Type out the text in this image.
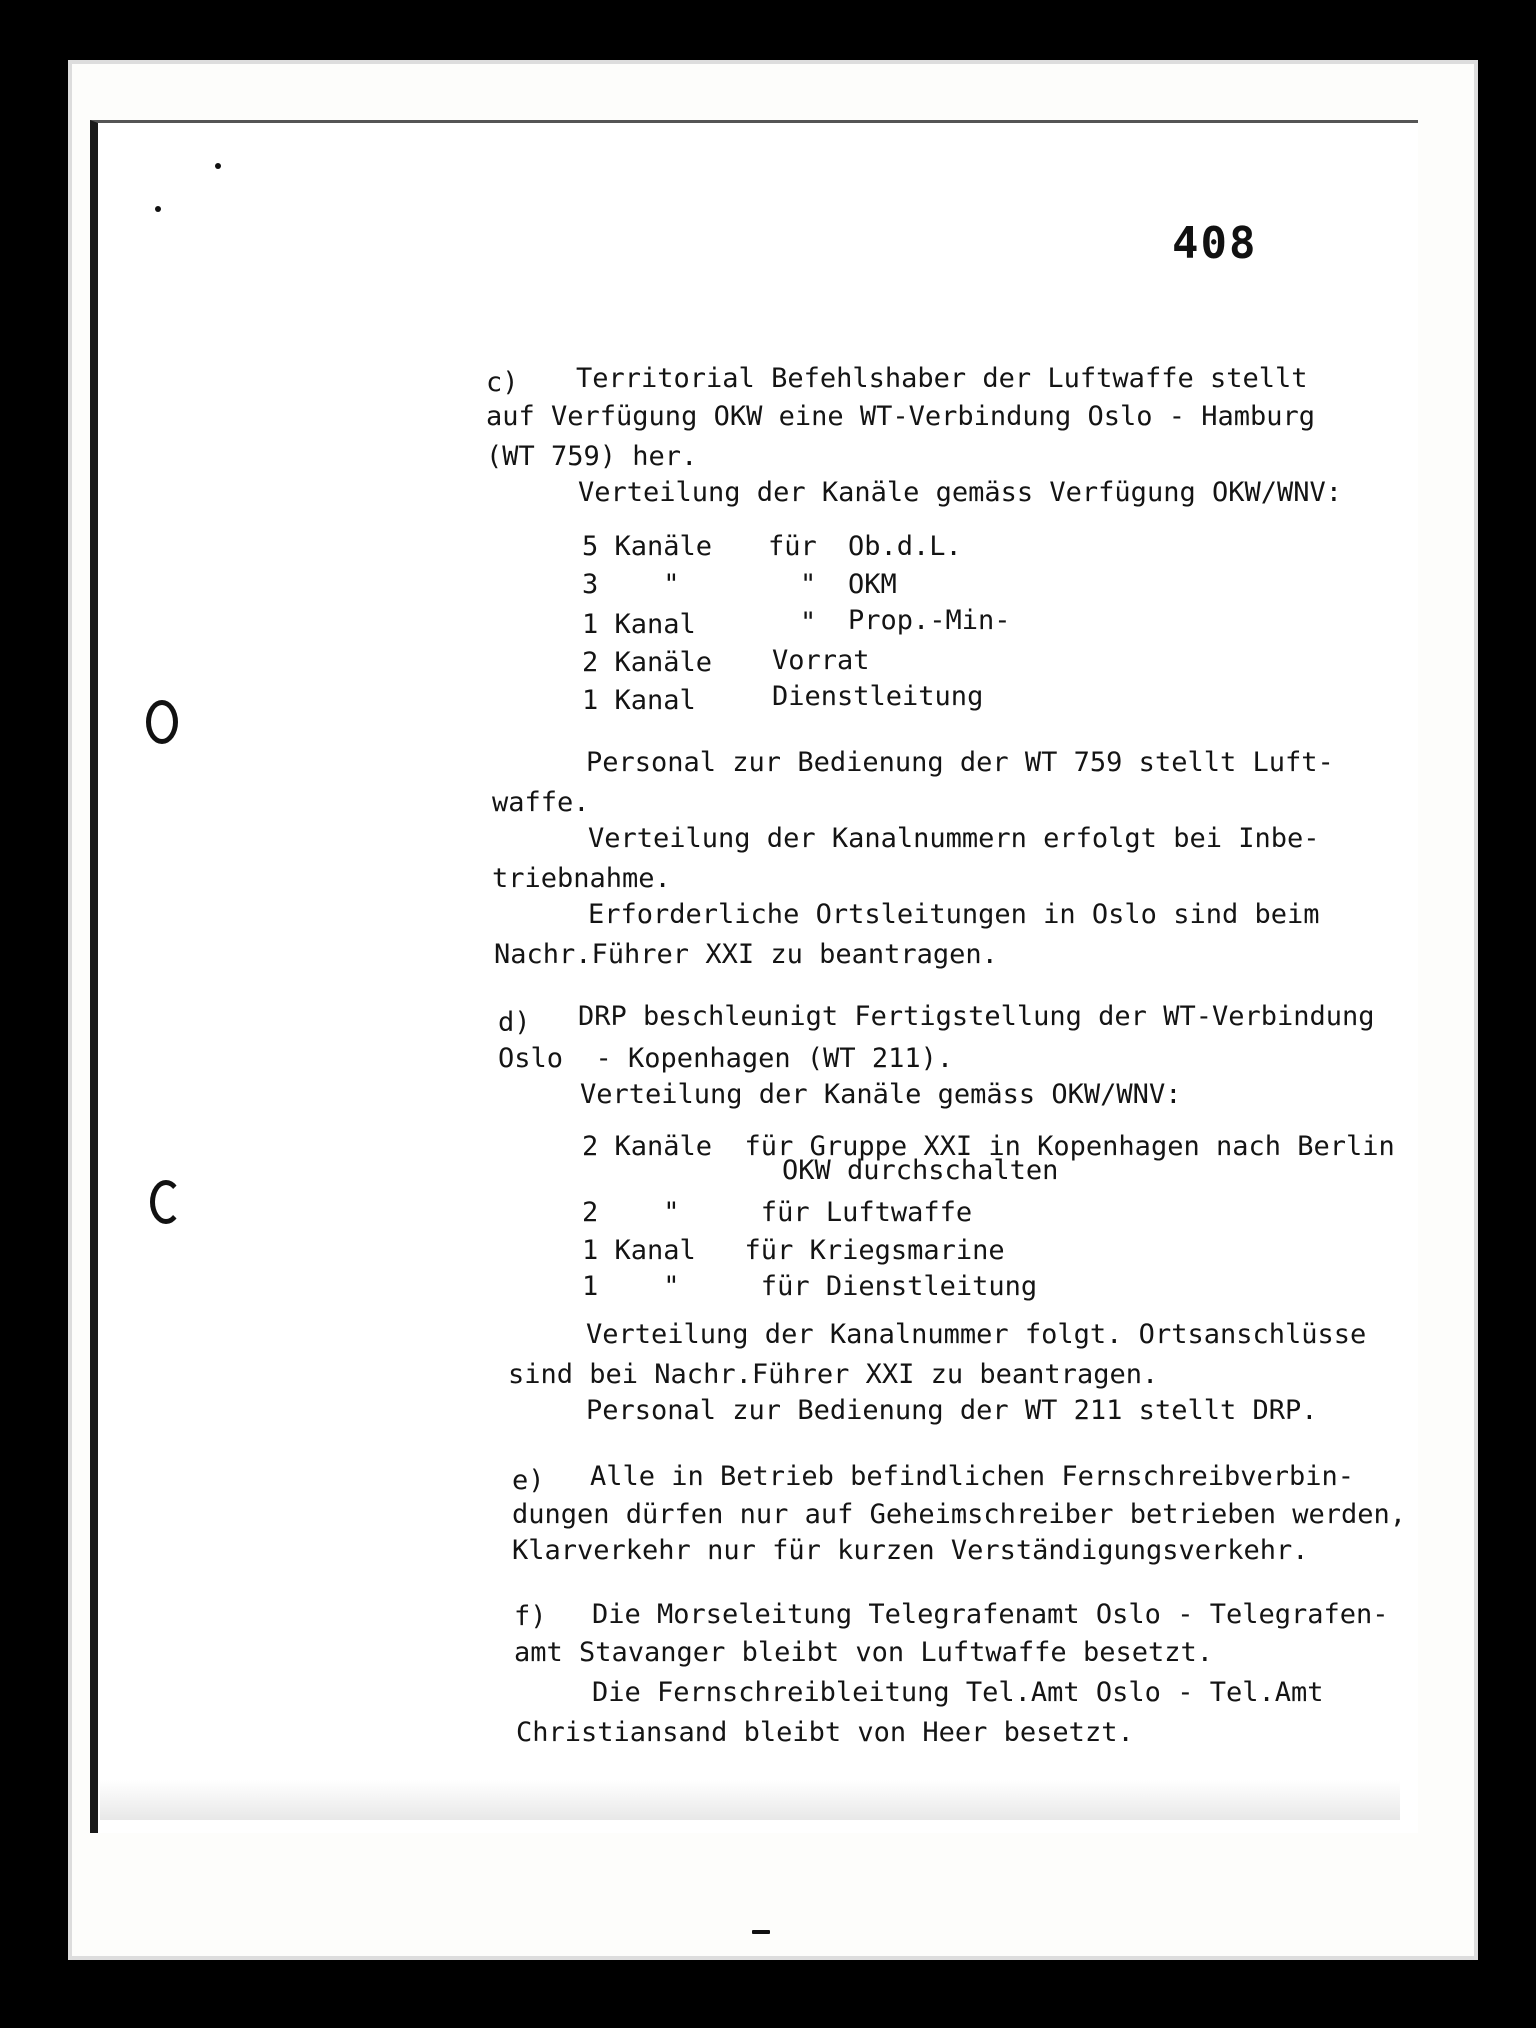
408
c) Territorial Befehlshaber der Luftwaffe stellt
auf Verfügung OKW eine WT-Verbindung Oslo - Hamburg
(WT 759) her.
Verteilung der Kanäle gemäss Verfügung OKW/WNV:
5 Kanäle für Ob.d.L.
3    "	" OKM
1 Kanal	" Prop.-Min-
2 Kanäle Vorrat
1 Kanal	Dienstleitung
Personal zur Bedienung der WT 759 stellt Luft-
waffe.
Verteilung der Kanalnummern erfolgt bei Inbe-
triebnahme.
Erforderliche Ortsleitungen in Oslo sind beim
Nachr.Führer XXI zu beantragen.
d) DRP beschleunigt Fertigstellung der WT-Verbindung
Oslo  - Kopenhagen (WT 211).
Verteilung der Kanäle gemäss OKW/WNV:
2 Kanäle  für Gruppe XXI in Kopenhagen nach Berlin
OKW durchschalten
2    "     für Luftwaffe
1 Kanal   für Kriegsmarine
1    "     für Dienstleitung
Verteilung der Kanalnummer folgt. Ortsanschlüsse
sind bei Nachr.Führer XXI zu beantragen.
Personal zur Bedienung der WT 211 stellt DRP.
e) Alle in Betrieb befindlichen Fernschreibverbin-
dungen dürfen nur auf Geheimschreiber betrieben werden,
Klarverkehr nur für kurzen Verständigungsverkehr.
f) Die Morseleitung Telegrafenamt Oslo - Telegrafen-
amt Stavanger bleibt von Luftwaffe besetzt.
Die Fernschreibleitung Tel.Amt Oslo - Tel.Amt
Christiansand bleibt von Heer besetzt.
